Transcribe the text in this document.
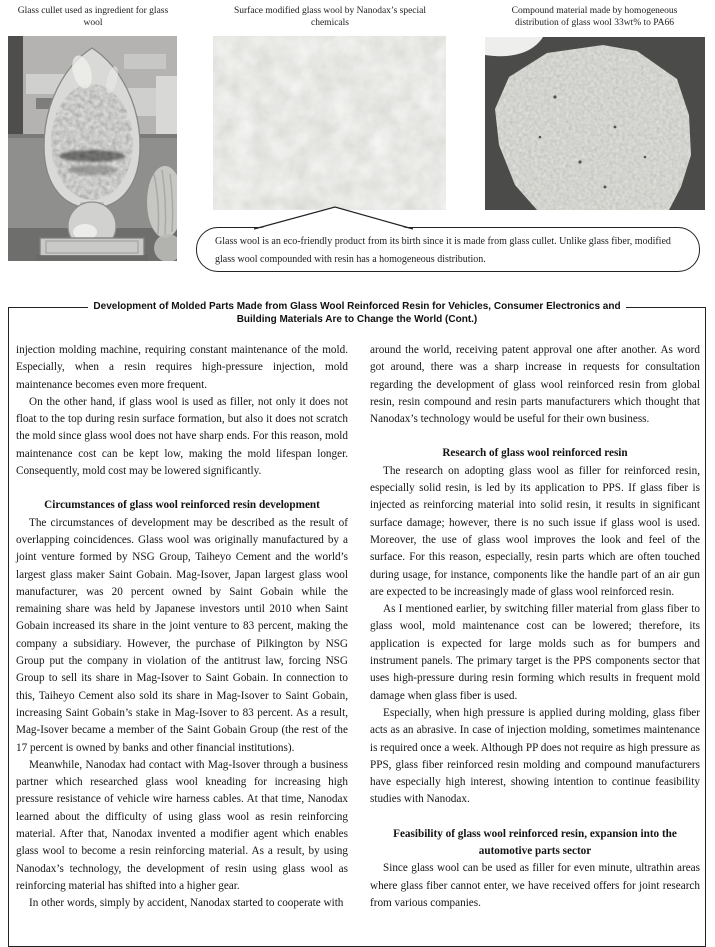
Glass cullet used as ingredient for glass wool
Surface modified glass wool by Nanodax’s special chemicals
Compound material made by homogeneous distribution of glass wool 33wt% to PA66
Glass wool is an eco-friendly product from its birth since it is made from glass cullet. Unlike glass fiber, modified glass wool compounded with resin has a homogeneous distribution.
Development of Molded Parts Made from Glass Wool Reinforced Resin for Vehicles, Consumer Electronics and
Building Materials Are to Change the World (Cont.)

injection molding machine, requiring constant maintenance of the mold. Especially, when a resin requires high-pressure injection, mold maintenance becomes even more frequent.

On the other hand, if glass wool is used as filler, not only it does not float to the top during resin surface formation, but also it does not scratch the mold since glass wool does not have sharp ends. For this reason, mold maintenance cost can be kept low, making the mold lifespan longer. Consequently, mold cost may be lowered significantly.

Circumstances of glass wool reinforced resin development

The circumstances of development may be described as the result of overlapping coincidences. Glass wool was originally manufactured by a joint venture formed by NSG Group, Taiheyo Cement and the world’s largest glass maker Saint Gobain. Mag-Isover, Japan largest glass wool manufacturer, was 20 percent owned by Saint Gobain while the remaining share was held by Japanese investors until 2010 when Saint Gobain increased its share in the joint venture to 83 percent, making the company a subsidiary. However, the purchase of Pilkington by NSG Group put the company in violation of the antitrust law, forcing NSG Group to sell its share in Mag-Isover to Saint Gobain. In connection to this, Taiheyo Cement also sold its share in Mag-Isover to Saint Gobain, increasing Saint Gobain’s stake in Mag-Isover to 83 percent. As a result, Mag-Isover became a member of the Saint Gobain Group (the rest of the 17 percent is owned by banks and other financial institutions).

Meanwhile, Nanodax had contact with Mag-Isover through a business partner which researched glass wool kneading for increasing high pressure resistance of vehicle wire harness cables. At that time, Nanodax learned about the difficulty of using glass wool as resin reinforcing material. After that, Nanodax invented a modifier agent which enables glass wool to become a resin reinforcing material. As a result, by using Nanodax’s technology, the development of resin using glass wool as reinforcing material has shifted into a higher gear.

In other words, simply by accident, Nanodax started to cooperate with

around the world, receiving patent approval one after another. As word got around, there was a sharp increase in requests for consultation regarding the development of glass wool reinforced resin from global resin, resin compound and resin parts manufacturers which thought that Nanodax’s technology would be useful for their own business.

Research of glass wool reinforced resin

The research on adopting glass wool as filler for reinforced resin, especially solid resin, is led by its application to PPS. If glass fiber is injected as reinforcing material into solid resin, it results in significant surface damage; however, there is no such issue if glass wool is used. Moreover, the use of glass wool improves the look and feel of the surface. For this reason, especially, resin parts which are often touched during usage, for instance, components like the handle part of an air gun are expected to be increasingly made of glass wool reinforced resin.

As I mentioned earlier, by switching filler material from glass fiber to glass wool, mold maintenance cost can be lowered; therefore, its application is expected for large molds such as for bumpers and instrument panels. The primary target is the PPS components sector that uses high-pressure during resin forming which results in frequent mold damage when glass fiber is used.

Especially, when high pressure is applied during molding, glass fiber acts as an abrasive. In case of injection molding, sometimes maintenance is required once a week. Although PP does not require as high pressure as PPS, glass fiber reinforced resin molding and compound manufacturers have especially high interest, showing intention to continue feasibility studies with Nanodax.

Feasibility of glass wool reinforced resin, expansion into the automotive parts sector

Since glass wool can be used as filler for even minute, ultrathin areas where glass fiber cannot enter, we have received offers for joint research from various companies.
